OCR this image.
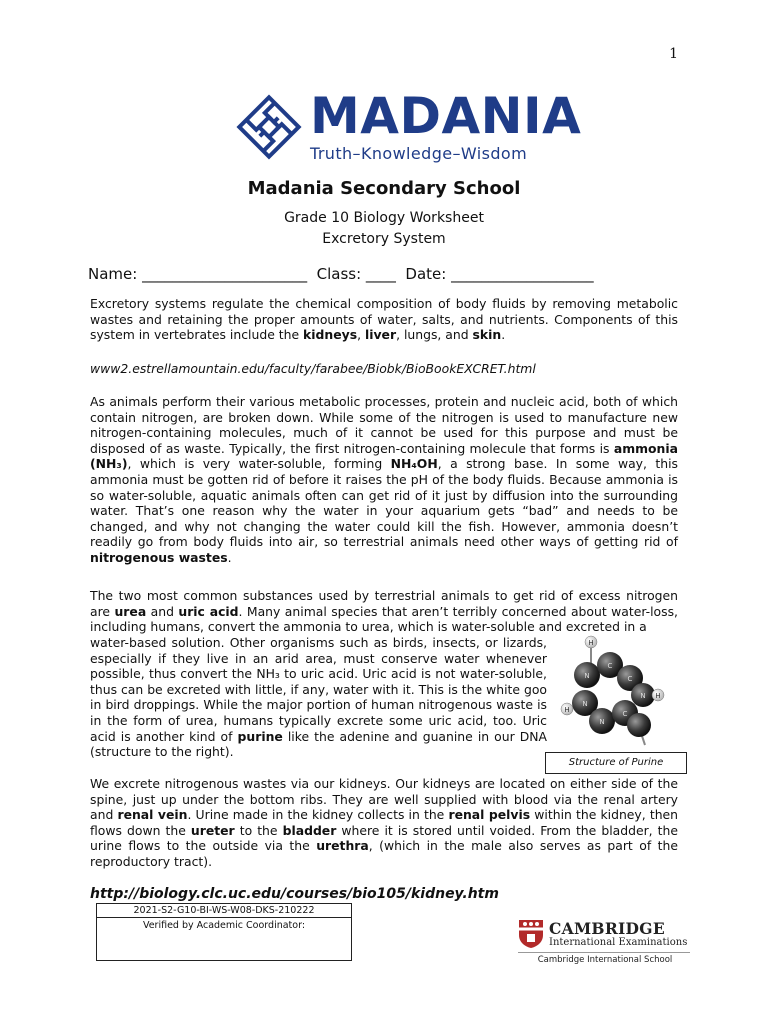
1
MADANIA
Truth–Knowledge–Wisdom
Madania Secondary School
Grade 10 Biology Worksheet
Excretory System
Name: ______________________  Class: ____  Date: ___________________
Excretory systems regulate the chemical composition of body fluids by removing metabolic wastes and retaining the proper amounts of water, salts, and nutrients. Components of this system in vertebrates include the kidneys, liver, lungs, and skin.
www2.estrellamountain.edu/faculty/farabee/Biobk/BioBookEXCRET.html
As animals perform their various metabolic processes, protein and nucleic acid, both of which contain nitrogen, are broken down. While some of the nitrogen is used to manufacture new nitrogen-containing molecules, much of it cannot be used for this purpose and must be disposed of as waste. Typically, the first nitrogen-containing molecule that forms is ammonia (NH₃), which is very water-soluble, forming NH₄OH, a strong base. In some way, this ammonia must be gotten rid of before it raises the pH of the body fluids. Because ammonia is so water-soluble, aquatic animals often can get rid of it just by diffusion into the surrounding water. That’s one reason why the water in your aquarium gets “bad” and needs to be changed, and why not changing the water could kill the fish. However, ammonia doesn’t readily go from body fluids into air, so terrestrial animals need other ways of getting rid of nitrogenous wastes.
The two most common substances used by terrestrial animals to get rid of excess nitrogen are urea and uric acid. Many animal species that aren’t terribly concerned about water-loss, including humans, convert the ammonia to urea, which is water-soluble and excreted in a
water-based solution. Other organisms such as birds, insects, or lizards, especially if they live in an arid area, must conserve water whenever possible, thus convert the NH₃ to uric acid. Uric acid is not water-soluble, thus can be excreted with little, if any, water with it. This is the white goo in bird droppings. While the major portion of human nitrogenous waste is in the form of urea, humans typically excrete some uric acid, too. Uric acid is another kind of purine like the adenine and guanine in our DNA (structure to the right).
H
N
C
C
N
H
N
C
N H
Structure of Purine
We excrete nitrogenous wastes via our kidneys. Our kidneys are located on either side of the spine, just up under the bottom ribs. They are well supplied with blood via the renal artery and renal vein. Urine made in the kidney collects in the renal pelvis within the kidney, then flows down the ureter to the bladder where it is stored until voided. From the bladder, the urine flows to the outside via the urethra, (which in the male also serves as part of the reproductory tract).
http://biology.clc.uc.edu/courses/bio105/kidney.htm
2021-S2-G10-BI-WS-W08-DKS-210222
Verified by Academic Coordinator:	CAMBRIDGE
International Examinations
Cambridge International School
